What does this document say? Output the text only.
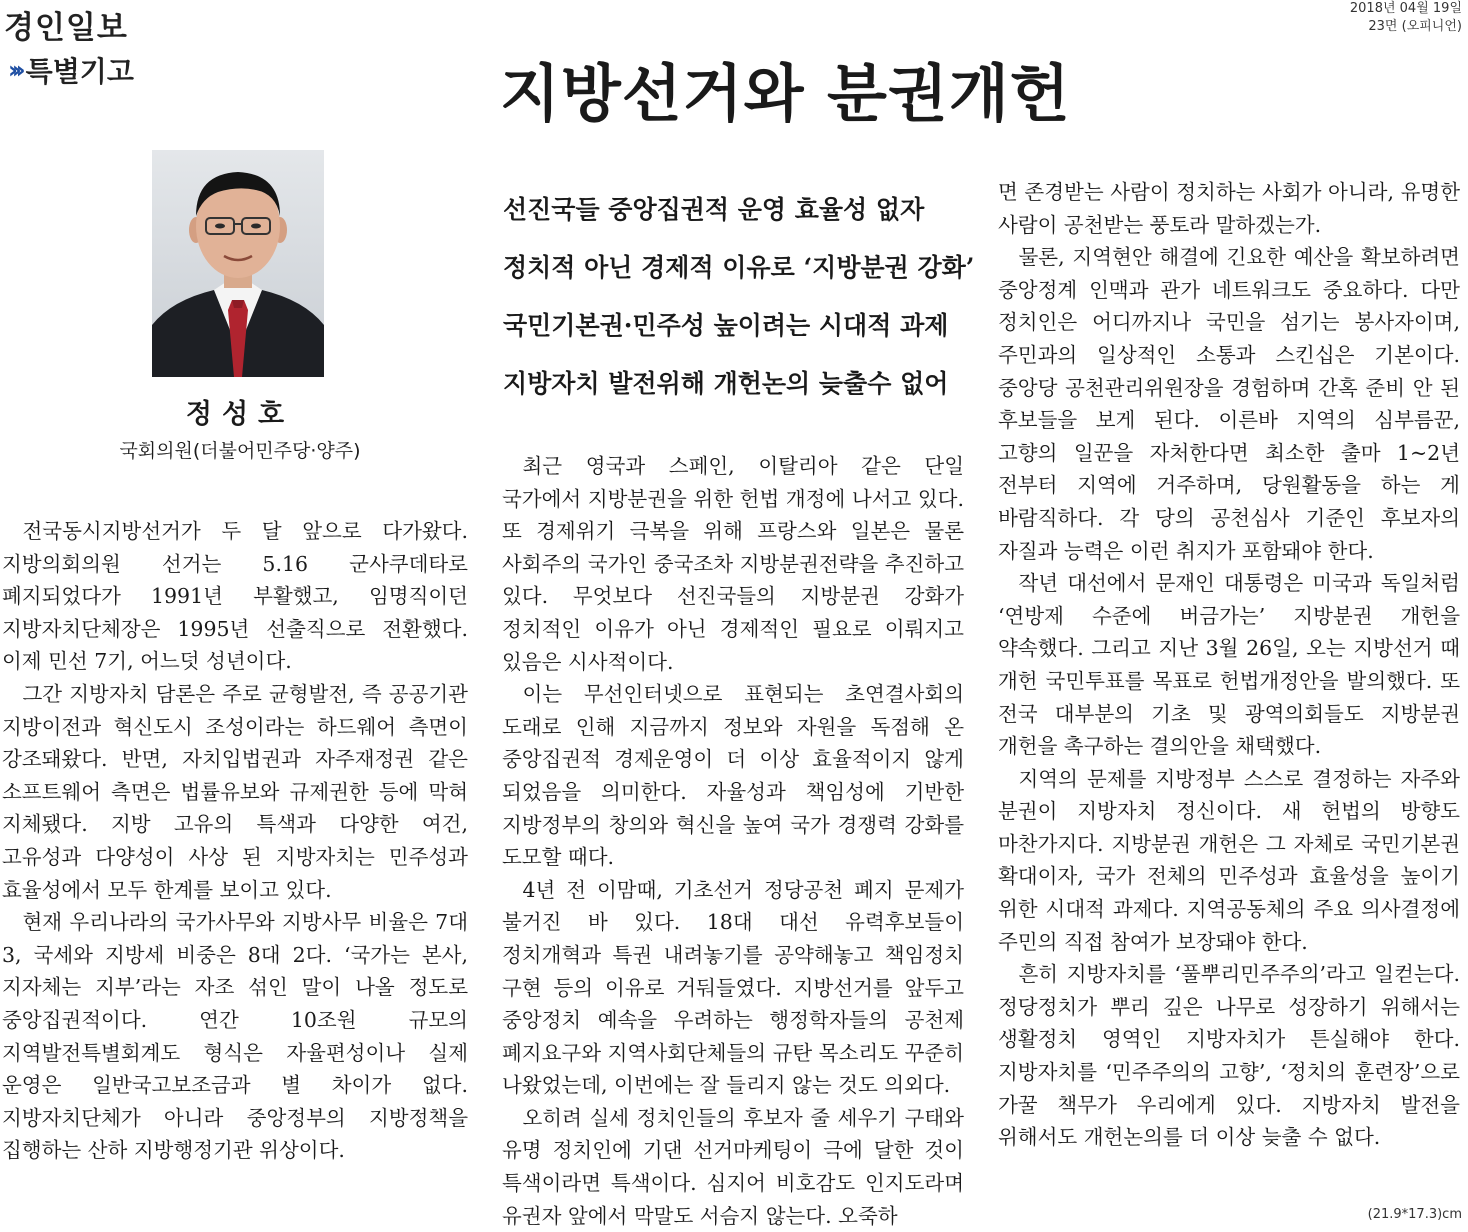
경인일보
››› 특별기고
2018년 04월 19일
23면 (오피니언)
지방선거와 분권개헌
정성호
국회의원(더불어민주당·양주)
선진국들 중앙집권적 운영 효율성 없자
정치적 아닌 경제적 이유로 ‘지방분권 강화’
국민기본권·민주성 높이려는 시대적 과제
지방자치 발전위해 개헌논의 늦출수 없어

전국동시지방선거가 두 달 앞으로 다가왔다. 지방의회의원 선거는 5.16 군사쿠데타로 폐지되었다가 1991년 부활했고, 임명직이던 지방자치단체장은 1995년 선출직으로 전환했다. 이제 민선 7기, 어느덧 성년이다.

그간 지방자치 담론은 주로 균형발전, 즉 공공기관 지방이전과 혁신도시 조성이라는 하드웨어 측면이 강조돼왔다. 반면, 자치입법권과 자주재정권 같은 소프트웨어 측면은 법률유보와 규제권한 등에 막혀 지체됐다. 지방 고유의 특색과 다양한 여건, 고유성과 다양성이 사상 된 지방자치는 민주성과 효율성에서 모두 한계를 보이고 있다.

현재 우리나라의 국가사무와 지방사무 비율은 7대 3, 국세와 지방세 비중은 8대 2다. ‘국가는 본사, 지자체는 지부’라는 자조 섞인 말이 나올 정도로 중앙집권적이다. 연간 10조원 규모의 지역발전특별회계도 형식은 자율편성이나 실제 운영은 일반국고보조금과 별 차이가 없다. 지방자치단체가 아니라 중앙정부의 지방정책을 집행하는 산하 지방행정기관 위상이다.

최근 영국과 스페인, 이탈리아 같은 단일 국가에서 지방분권을 위한 헌법 개정에 나서고 있다. 또 경제위기 극복을 위해 프랑스와 일본은 물론 사회주의 국가인 중국조차 지방분권전략을 추진하고 있다. 무엇보다 선진국들의 지방분권 강화가 정치적인 이유가 아닌 경제적인 필요로 이뤄지고 있음은 시사적이다.

이는 무선인터넷으로 표현되는 초연결사회의 도래로 인해 지금까지 정보와 자원을 독점해 온 중앙집권적 경제운영이 더 이상 효율적이지 않게 되었음을 의미한다. 자율성과 책임성에 기반한 지방정부의 창의와 혁신을 높여 국가 경쟁력 강화를 도모할 때다.

4년 전 이맘때, 기초선거 정당공천 폐지 문제가 불거진 바 있다. 18대 대선 유력후보들이 정치개혁과 특권 내려놓기를 공약해놓고 책임정치 구현 등의 이유로 거둬들였다. 지방선거를 앞두고 중앙정치 예속을 우려하는 행정학자들의 공천제 폐지요구와 지역사회단체들의 규탄 목소리도 꾸준히 나왔었는데, 이번에는 잘 들리지 않는 것도 의외다.

오히려 실세 정치인들의 후보자 줄 세우기 구태와 유명 정치인에 기댄 선거마케팅이 극에 달한 것이 특색이라면 특색이다. 심지어 비호감도 인지도라며 유권자 앞에서 막말도 서슴지 않는다. 오죽하

면 존경받는 사람이 정치하는 사회가 아니라, 유명한 사람이 공천받는 풍토라 말하겠는가.

물론, 지역현안 해결에 긴요한 예산을 확보하려면 중앙정계 인맥과 관가 네트워크도 중요하다. 다만 정치인은 어디까지나 국민을 섬기는 봉사자이며, 주민과의 일상적인 소통과 스킨십은 기본이다. 중앙당 공천관리위원장을 경험하며 간혹 준비 안 된 후보들을 보게 된다. 이른바 지역의 심부름꾼, 고향의 일꾼을 자처한다면 최소한 출마 1~2년 전부터 지역에 거주하며, 당원활동을 하는 게 바람직하다. 각 당의 공천심사 기준인 후보자의 자질과 능력은 이런 취지가 포함돼야 한다.

작년 대선에서 문재인 대통령은 미국과 독일처럼 ‘연방제 수준에 버금가는’ 지방분권 개헌을 약속했다. 그리고 지난 3월 26일, 오는 지방선거 때 개헌 국민투표를 목표로 헌법개정안을 발의했다. 또 전국 대부분의 기초 및 광역의회들도 지방분권 개헌을 촉구하는 결의안을 채택했다.

지역의 문제를 지방정부 스스로 결정하는 자주와 분권이 지방자치 정신이다. 새 헌법의 방향도 마찬가지다. 지방분권 개헌은 그 자체로 국민기본권 확대이자, 국가 전체의 민주성과 효율성을 높이기 위한 시대적 과제다. 지역공동체의 주요 의사결정에 주민의 직접 참여가 보장돼야 한다.

흔히 지방자치를 ‘풀뿌리민주주의’라고 일컫는다. 정당정치가 뿌리 깊은 나무로 성장하기 위해서는 생활정치 영역인 지방자치가 튼실해야 한다. 지방자치를 ‘민주주의의 고향’, ‘정치의 훈련장’으로 가꿀 책무가 우리에게 있다. 지방자치 발전을 위해서도 개헌논의를 더 이상 늦출 수 없다.

(21.9*17.3)cm
